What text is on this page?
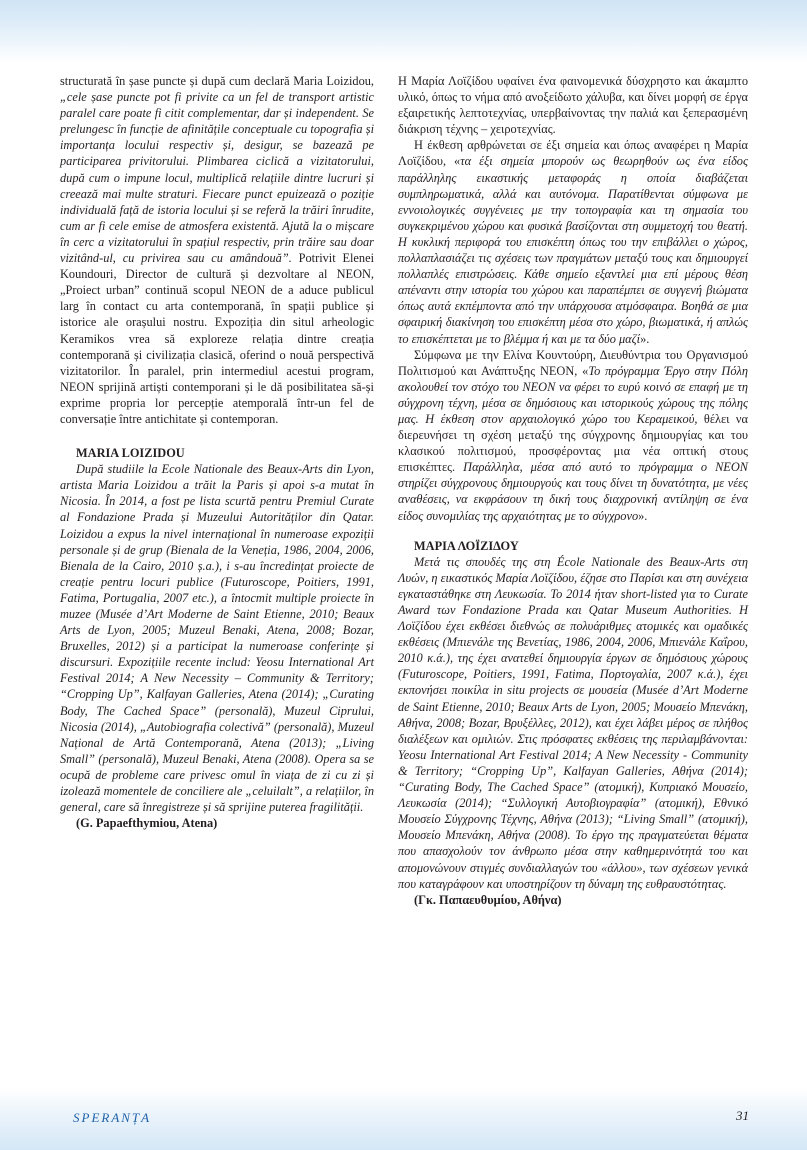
structurată în șase puncte și după cum declară Maria Loizidou, „cele șase puncte pot fi privite ca un fel de transport artistic paralel care poate fi citit complementar, dar și independent. Se prelungesc în funcție de afinitățile conceptuale cu topografia și importanța locului respectiv și, desigur, se bazează pe participarea privitorului. Plimbarea ciclică a vizitatorului, după cum o impune locul, multiplică relațiile dintre lucruri și creează mai multe straturi. Fiecare punct epuizează o poziție individuală față de istoria locului și se referă la trăiri înrudite, cum ar fi cele emise de atmosfera existentă. Ajută la o mișcare în cerc a vizitatorului în spațiul respectiv, prin trăire sau doar vizitând-ul, cu privirea sau cu amândouă”. Potrivit Elenei Koundouri, Director de cultură și dezvoltare al NEON, „Proiect urban” continuă scopul NEON de a aduce publicul larg în contact cu arta contemporană, în spații publice și istorice ale orașului nostru. Expoziția din situl arheologic Keramikos vrea să exploreze relația dintre creația contemporană și civilizația clasică, oferind o nouă perspectivă vizitatorilor. În paralel, prin intermediul acestui program, NEON sprijină artiști contemporani și le dă posibilitatea să-și exprime propria lor percepție atemporală într-un fel de conversație între antichitate și contemporan.

MARIA LOIZIDOU

După studiile la Ecole Nationale des Beaux-Arts din Lyon, artista Maria Loizidou a trăit la Paris și apoi s-a mutat în Nicosia. În 2014, a fost pe lista scurtă pentru Premiul Curate al Fondazione Prada și Muzeului Autorităților din Qatar. Loizidou a expus la nivel internațional în numeroase expoziții personale și de grup (Bienala de la Veneția, 1986, 2004, 2006, Bienala de la Cairo, 2010 ș.a.), i s-au încredințat proiecte de creație pentru locuri publice (Futuroscope, Poitiers, 1991, Fatima, Portugalia, 2007 etc.), a întocmit multiple proiecte în muzee (Musée d’Art Moderne de Saint Etienne, 2010; Beaux Arts de Lyon, 2005; Muzeul Benaki, Atena, 2008; Bozar, Bruxelles, 2012) și a participat la numeroase conferințe și discursuri. Expozițiile recente includ: Yeosu International Art Festival 2014; A New Necessity – Community & Territory; “Cropping Up”, Kalfayan Galleries, Atena (2014); „Curating Body, The Cached Space” (personală), Muzeul Ciprului, Nicosia (2014), „Autobiografia colectivă” (personală), Muzeul Național de Artă Contemporană, Atena (2013); „Living Small” (personală), Muzeul Benaki, Atena (2008). Opera sa se ocupă de probleme care privesc omul în viața de zi cu zi și izolează momentele de conciliere ale „celuilalt”, a relațiilor, în general, care să înregistreze și să sprijine puterea fragilității.

(G. Papaefthymiou, Atena)

Η Μαρία Λοϊζίδου υφαίνει ένα φαινομενικά δύσχρηστο και άκαμπτο υλικό, όπως το νήμα από ανοξείδωτο χάλυβα, και δίνει μορφή σε έργα εξαιρετικής λεπτοτεχνίας, υπερβαίνοντας την παλιά και ξεπερασμένη διάκριση τέχνης – χειροτεχνίας.

Η έκθεση αρθρώνεται σε έξι σημεία και όπως αναφέρει η Μαρία Λοϊζίδου, «τα έξι σημεία μπορούν ως θεωρηθούν ως ένα είδος παράλληλης εικαστικής μεταφοράς η οποία διαβάζεται συμπληρωματικά, αλλά και αυτόνομα. Παρατίθενται σύμφωνα με εννοιολογικές συγγένειες με την τοπογραφία και τη σημασία του συγκεκριμένου χώρου και φυσικά βασίζονται στη συμμετοχή του θεατή. Η κυκλική περιφορά του επισκέπτη όπως του την επιβάλλει ο χώρος, πολλαπλασιάζει τις σχέσεις των πραγμάτων μεταξύ τους και δημιουργεί πολλαπλές επιστρώσεις. Κάθε σημείο εξαντλεί μια επί μέρους θέση απέναντι στην ιστορία του χώρου και παραπέμπει σε συγγενή βιώματα όπως αυτά εκπέμποντα από την υπάρχουσα ατμόσφαιρα. Βοηθά σε μια σφαιρική διακίνηση του επισκέπτη μέσα στο χώρο, βιωματικά, ή απλώς το επισκέπτεται με το βλέμμα ή και με τα δύο μαζί».

Σύμφωνα με την Ελίνα Κουντούρη, Διευθύντρια του Οργανισμού Πολιτισμού και Ανάπτυξης NEON, «Το πρόγραμμα Έργο στην Πόλη ακολουθεί τον στόχο του NEON να φέρει το ευρύ κοινό σε επαφή με τη σύγχρονη τέχνη, μέσα σε δημόσιους και ιστορικούς χώρους της πόλης μας. Η έκθεση στον αρχαιολογικό χώρο του Κεραμεικού, θέλει να διερευνήσει τη σχέση μεταξύ της σύγχρονης δημιουργίας και του κλασικού πολιτισμού, προσφέροντας μια νέα οπτική στους επισκέπτες. Παράλληλα, μέσα από αυτό το πρόγραμμα ο NEON στηρίζει σύγχρονους δημιουργούς και τους δίνει τη δυνατότητα, με νέες αναθέσεις, να εκφράσουν τη δική τους διαχρονική αντίληψη σε ένα είδος συνομιλίας της αρχαιότητας με το σύγχρονο».

ΜΑΡΙΑ ΛΟΪΖΙΔΟΥ

Μετά τις σπουδές της στη École Nationale des Beaux-Arts στη Λυών, η εικαστικός Μαρία Λοϊζίδου, έζησε στο Παρίσι και στη συνέχεια εγκαταστάθηκε στη Λευκωσία. Το 2014 ήταν short-listed για το Curate Award των Fondazione Prada και Qatar Museum Authorities. Η Λοϊζίδου έχει εκθέσει διεθνώς σε πολυάριθμες ατομικές και ομαδικές εκθέσεις (Μπιενάλε της Βενετίας, 1986, 2004, 2006, Μπιενάλε Καΐρου, 2010 κ.ά.), της έχει ανατεθεί δημιουργία έργων σε δημόσιους χώρους (Futuroscope, Poitiers, 1991, Fatima, Πορτογαλία, 2007 κ.ά.), έχει εκπονήσει ποικίλα in situ projects σε μουσεία (Musée d’Art Moderne de Saint Etienne, 2010; Beaux Arts de Lyon, 2005; Μουσείο Μπενάκη, Αθήνα, 2008; Bozar, Βρυξέλλες, 2012), και έχει λάβει μέρος σε πλήθος διαλέξεων και ομιλιών. Στις πρόσφατες εκθέσεις της περιλαμβάνονται: Yeosu International Art Festival 2014; A New Necessity - Community & Territory; “Cropping Up”, Kalfayan Galleries, Αθήνα (2014); “Curating Body, The Cached Space” (ατομική), Κυπριακό Μουσείο, Λευκωσία (2014); “Συλλογική Αυτοβιογραφία” (ατομική), Εθνικό Μουσείο Σύγχρονης Τέχνης, Αθήνα (2013); “Living Small” (ατομική), Μουσείο Μπενάκη, Αθήνα (2008). Το έργο της πραγματεύεται θέματα που απασχολούν τον άνθρωπο μέσα στην καθημερινότητά του και απομονώνουν στιγμές συνδιαλλαγών του «άλλου», των σχέσεων γενικά που καταγράφουν και υποστηρίζουν τη δύναμη της ευθραυστότητας.

(Γκ. Παπαευθυμίου, Αθήνα)

SPERANȚA	31
